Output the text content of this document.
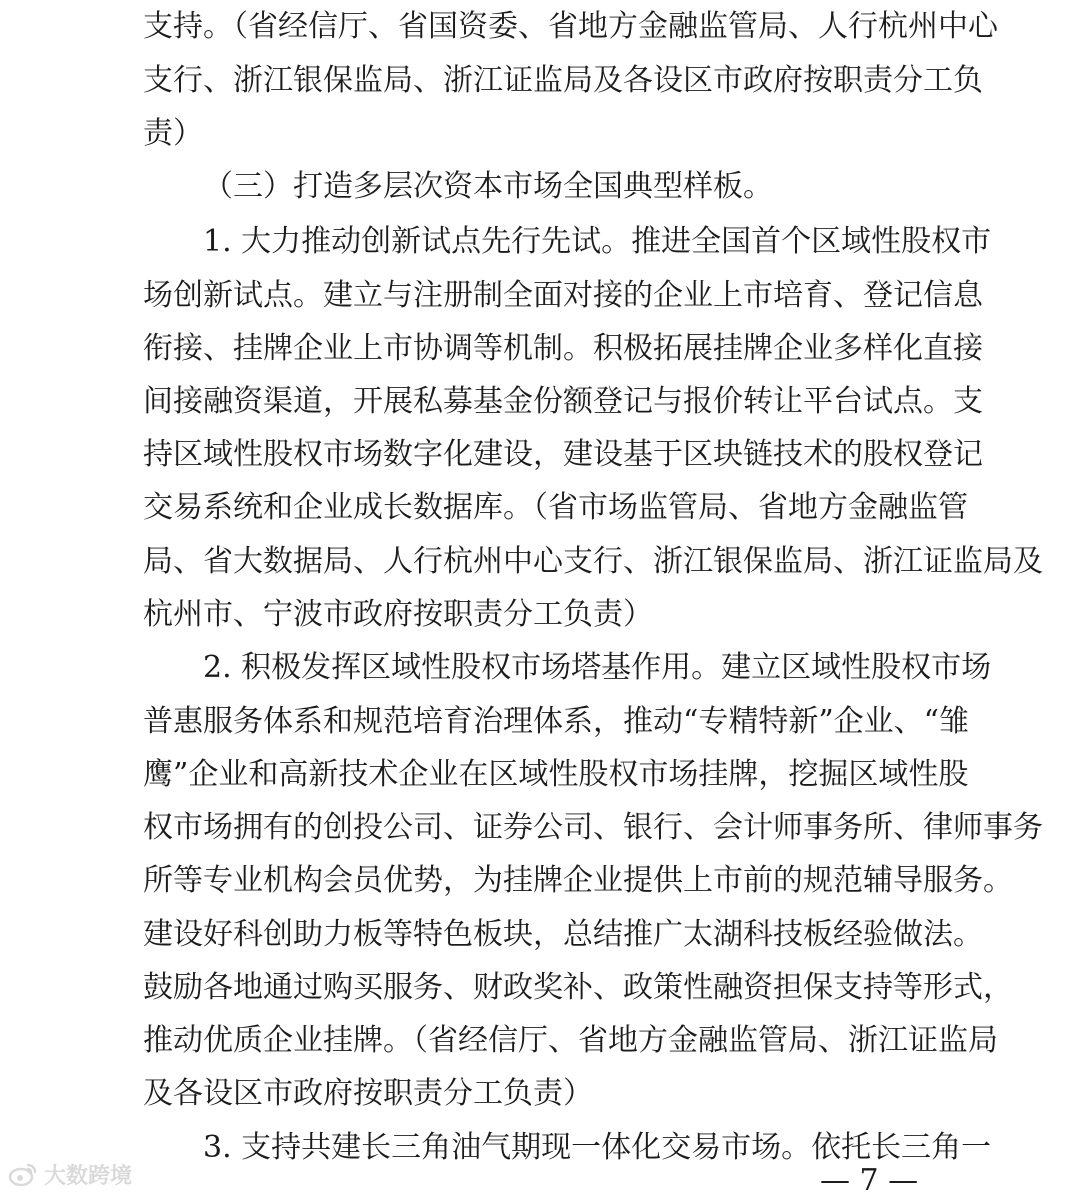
支持。（省经信厅、省国资委、省地方金融监管局、人行杭州中心
支行、浙江银保监局、浙江证监局及各设区市政府按职责分工负
责）
（三）打造多层次资本市场全国典型样板。
1. 大力推动创新试点先行先试。推进全国首个区域性股权市
场创新试点。建立与注册制全面对接的企业上市培育、登记信息
衔接、挂牌企业上市协调等机制。积极拓展挂牌企业多样化直接
间接融资渠道，开展私募基金份额登记与报价转让平台试点。支
持区域性股权市场数字化建设，建设基于区块链技术的股权登记
交易系统和企业成长数据库。（省市场监管局、省地方金融监管
局、省大数据局、人行杭州中心支行、浙江银保监局、浙江证监局及
杭州市、宁波市政府按职责分工负责）
2. 积极发挥区域性股权市场塔基作用。建立区域性股权市场
普惠服务体系和规范培育治理体系，推动“专精特新”企业、“雏
鹰”企业和高新技术企业在区域性股权市场挂牌，挖掘区域性股
权市场拥有的创投公司、证券公司、银行、会计师事务所、律师事务
所等专业机构会员优势，为挂牌企业提供上市前的规范辅导服务。
建设好科创助力板等特色板块，总结推广太湖科技板经验做法。
鼓励各地通过购买服务、财政奖补、政策性融资担保支持等形式，
推动优质企业挂牌。（省经信厅、省地方金融监管局、浙江证监局
及各设区市政府按职责分工负责）
3. 支持共建长三角油气期现一体化交易市场。依托长三角一
— 7 —
大数跨境
